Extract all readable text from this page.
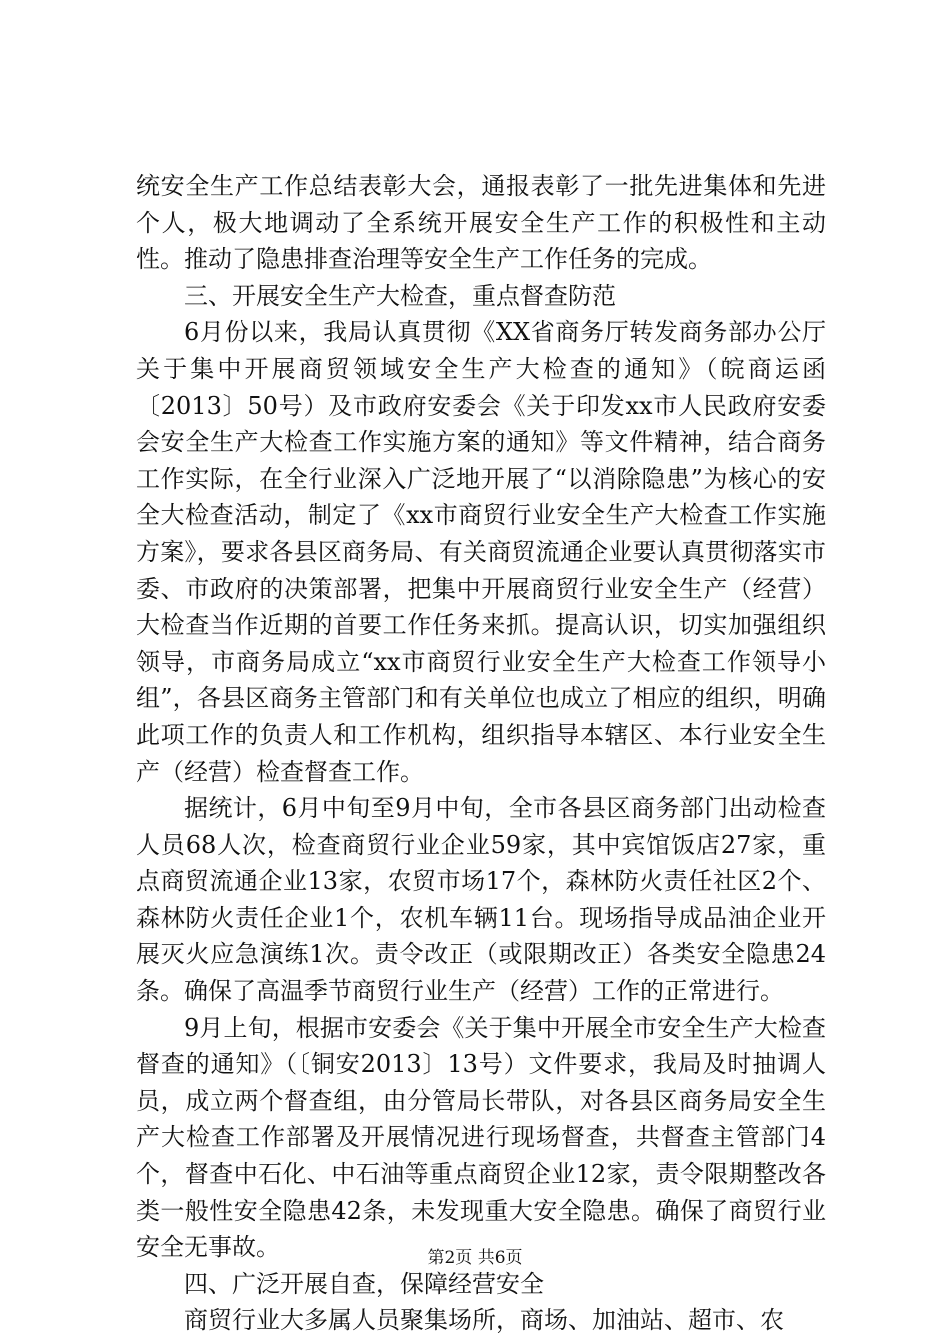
统安全生产工作总结表彰大会，通报表彰了一批先进集体和先进个人，极大地调动了全系统开展安全生产工作的积极性和主动性。推动了隐患排查治理等安全生产工作任务的完成。

三、开展安全生产大检查，重点督查防范

6月份以来，我局认真贯彻《XX省商务厅转发商务部办公厅关于集中开展商贸领域安全生产大检查的通知》（皖商运函〔2013〕50号）及市政府安委会《关于印发xx市人民政府安委会安全生产大检查工作实施方案的通知》等文件精神，结合商务工作实际，在全行业深入广泛地开展了“以消除隐患”为核心的安全大检查活动，制定了《xx市商贸行业安全生产大检查工作实施方案》，要求各县区商务局、有关商贸流通企业要认真贯彻落实市委、市政府的决策部署，把集中开展商贸行业安全生产（经营）大检查当作近期的首要工作任务来抓。提高认识，切实加强组织领导，市商务局成立“xx市商贸行业安全生产大检查工作领导小组”，各县区商务主管部门和有关单位也成立了相应的组织，明确此项工作的负责人和工作机构，组织指导本辖区、本行业安全生产（经营）检查督查工作。

据统计，6月中旬至9月中旬，全市各县区商务部门出动检查人员68人次，检查商贸行业企业59家，其中宾馆饭店27家，重点商贸流通企业13家，农贸市场17个，森林防火责任社区2个、森林防火责任企业1个，农机车辆11台。现场指导成品油企业开展灭火应急演练1次。责令改正（或限期改正）各类安全隐患24条。确保了高温季节商贸行业生产（经营）工作的正常进行。

9月上旬，根据市安委会《关于集中开展全市安全生产大检查督查的通知》（〔铜安2013〕13号）文件要求，我局及时抽调人员，成立两个督查组，由分管局长带队，对各县区商务局安全生产大检查工作部署及开展情况进行现场督查，共督查主管部门4个，督查中石化、中石油等重点商贸企业12家，责令限期整改各类一般性安全隐患42条，未发现重大安全隐患。确保了商贸行业安全无事故。

四、广泛开展自查，保障经营安全

商贸行业大多属人员聚集场所，商场、加油站、超市、农

第2页 共6页
